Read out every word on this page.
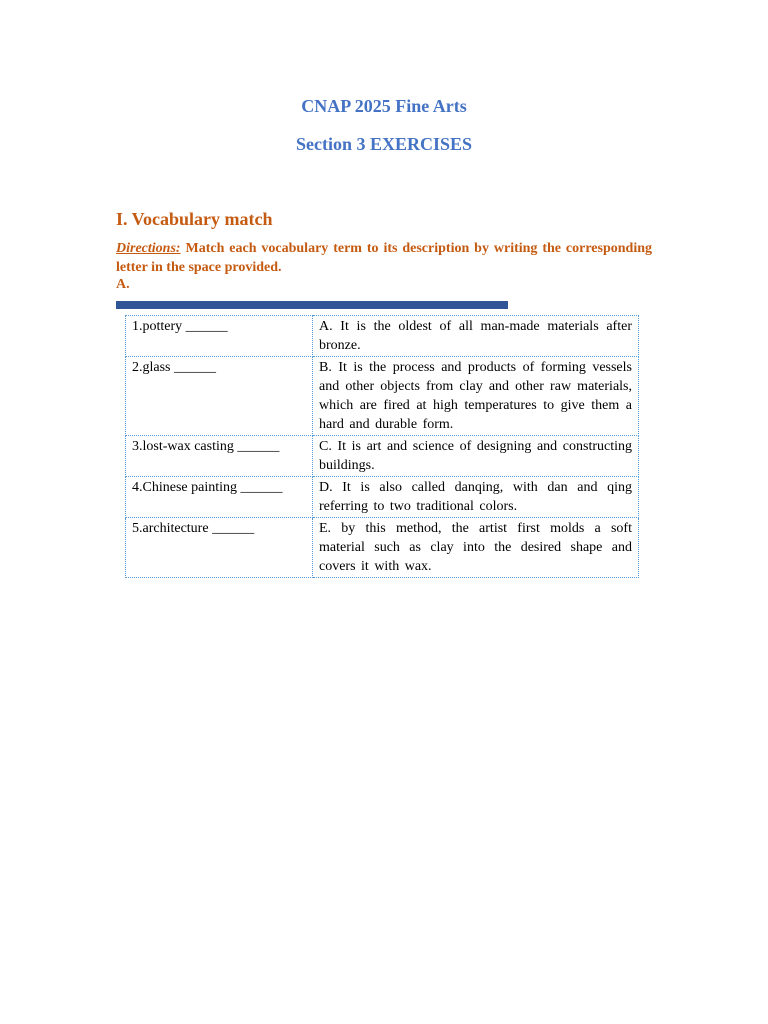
CNAP 2025 Fine Arts
Section 3 EXERCISES
I. Vocabulary match

Directions: Match each vocabulary term to its description by writing the corresponding letter in the space provided.

A.

1.pottery ______	A. It is the oldest of all man-made materials after bronze.
2.glass ______	B. It is the process and products of forming vessels and other objects from clay and other raw materials, which are fired at high temperatures to give them a hard and durable form.
3.lost-wax casting ______	C. It is art and science of designing and constructing buildings.
4.Chinese painting ______	D. It is also called danqing, with dan and qing referring to two traditional colors.
5.architecture ______	E. by this method, the artist first molds a soft material such as clay into the desired shape and covers it with wax.
